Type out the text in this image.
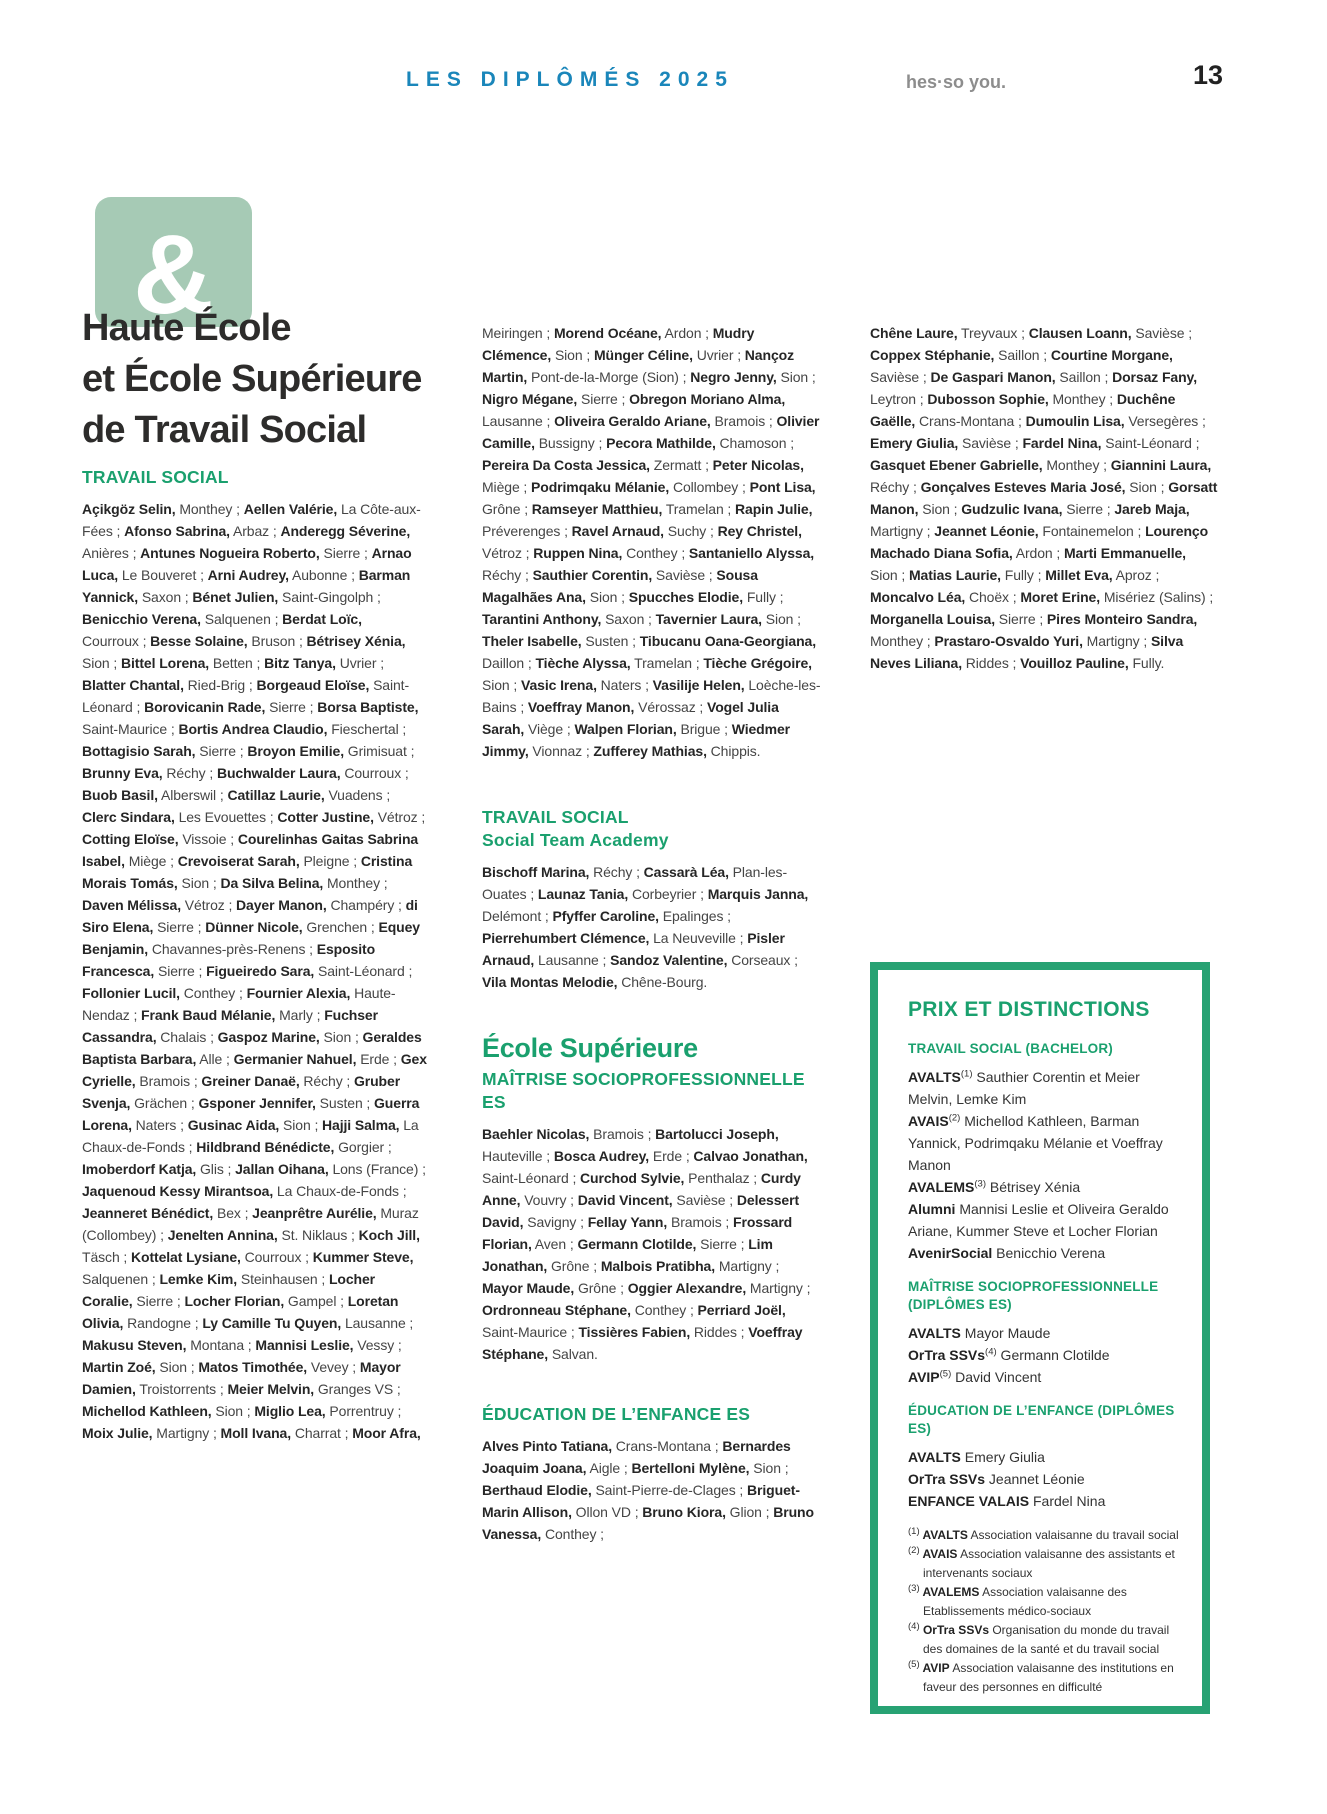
LES DIPLÔMÉS 2025	hes·so you.	13
&
Haute École
et École Supérieure
de Travail Social
TRAVAIL SOCIAL

Açikgöz Selin, Monthey ; Aellen Valérie, La Côte-aux-Fées ; Afonso Sabrina, Arbaz ; Anderegg Séverine, Anières ; Antunes Nogueira Roberto, Sierre ; Arnao Luca, Le Bouveret ; Arni Audrey, Aubonne ; Barman Yannick, Saxon ; Bénet Julien, Saint-Gingolph ; Benicchio Verena, Salquenen ; Berdat Loïc, Courroux ; Besse Solaine, Bruson ; Bétrisey Xénia, Sion ; Bittel Lorena, Betten ; Bitz Tanya, Uvrier ; Blatter Chantal, Ried-Brig ; Borgeaud Eloïse, Saint-Léonard ; Borovicanin Rade, Sierre ; Borsa Baptiste, Saint-Maurice ; Bortis Andrea Claudio, Fieschertal ; Bottagisio Sarah, Sierre ; Broyon Emilie, Grimisuat ; Brunny Eva, Réchy ; Buchwalder Laura, Courroux ; Buob Basil, Alberswil ; Catillaz Laurie, Vuadens ; Clerc Sindara, Les Evouettes ; Cotter Justine, Vétroz ; Cotting Eloïse, Vissoie ; Courelinhas Gaitas Sabrina Isabel, Miège ; Crevoiserat Sarah, Pleigne ; Cristina Morais Tomás, Sion ; Da Silva Belina, Monthey ; Daven Mélissa, Vétroz ; Dayer Manon, Champéry ; di Siro Elena, Sierre ; Dünner Nicole, Grenchen ; Equey Benjamin, Chavannes-près-Renens ; Esposito Francesca, Sierre ; Figueiredo Sara, Saint-Léonard ; Follonier Lucil, Conthey ; Fournier Alexia, Haute-Nendaz ; Frank Baud Mélanie, Marly ; Fuchser Cassandra, Chalais ; Gaspoz Marine, Sion ; Geraldes Baptista Barbara, Alle ; Germanier Nahuel, Erde ; Gex Cyrielle, Bramois ; Greiner Danaë, Réchy ; Gruber Svenja, Grächen ; Gsponer Jennifer, Susten ; Guerra Lorena, Naters ; Gusinac Aida, Sion ; Hajji Salma, La Chaux-de-Fonds ; Hildbrand Bénédicte, Gorgier ; Imoberdorf Katja, Glis ; Jallan Oihana, Lons (France) ; Jaquenoud Kessy Mirantsoa, La Chaux-de-Fonds ; Jeanneret Bénédict, Bex ; Jeanprêtre Aurélie, Muraz (Collombey) ; Jenelten Annina, St. Niklaus ; Koch Jill, Täsch ; Kottelat Lysiane, Courroux ; Kummer Steve, Salquenen ; Lemke Kim, Steinhausen ; Locher Coralie, Sierre ; Locher Florian, Gampel ; Loretan Olivia, Randogne ; Ly Camille Tu Quyen, Lausanne ; Makusu Steven, Montana ; Mannisi Leslie, Vessy ; Martin Zoé, Sion ; Matos Timothée, Vevey ; Mayor Damien, Troistorrents ; Meier Melvin, Granges VS ; Michellod Kathleen, Sion ; Miglio Lea, Porrentruy ; Moix Julie, Martigny ; Moll Ivana, Charrat ; Moor Afra,

Meiringen ; Morend Océane, Ardon ; Mudry Clémence, Sion ; Münger Céline, Uvrier ; Nançoz Martin, Pont-de-la-Morge (Sion) ; Negro Jenny, Sion ; Nigro Mégane, Sierre ; Obregon Moriano Alma, Lausanne ; Oliveira Geraldo Ariane, Bramois ; Olivier Camille, Bussigny ; Pecora Mathilde, Chamoson ; Pereira Da Costa Jessica, Zermatt ; Peter Nicolas, Miège ; Podrimqaku Mélanie, Collombey ; Pont Lisa, Grône ; Ramseyer Matthieu, Tramelan ; Rapin Julie, Préverenges ; Ravel Arnaud, Suchy ; Rey Christel, Vétroz ; Ruppen Nina, Conthey ; Santaniello Alyssa, Réchy ; Sauthier Corentin, Savièse ; Sousa Magalhães Ana, Sion ; Spucches Elodie, Fully ; Tarantini Anthony, Saxon ; Tavernier Laura, Sion ; Theler Isabelle, Susten ; Tibucanu Oana-Georgiana, Daillon ; Tièche Alyssa, Tramelan ; Tièche Grégoire, Sion ; Vasic Irena, Naters ; Vasilije Helen, Loèche-les-Bains ; Voeffray Manon, Vérossaz ; Vogel Julia Sarah, Viège ; Walpen Florian, Brigue ; Wiedmer Jimmy, Vionnaz ; Zufferey Mathias, Chippis.

TRAVAIL SOCIAL
Social Team Academy

Bischoff Marina, Réchy ; Cassarà Léa, Plan-les-Ouates ; Launaz Tania, Corbeyrier ; Marquis Janna, Delémont ; Pfyffer Caroline, Epalinges ; Pierrehumbert Clémence, La Neuveville ; Pisler Arnaud, Lausanne ; Sandoz Valentine, Corseaux ; Vila Montas Melodie, Chêne-Bourg.

École Supérieure
MAÎTRISE SOCIOPROFESSIONNELLE ES

Baehler Nicolas, Bramois ; Bartolucci Joseph, Hauteville ; Bosca Audrey, Erde ; Calvao Jonathan, Saint-Léonard ; Curchod Sylvie, Penthalaz ; Curdy Anne, Vouvry ; David Vincent, Savièse ; Delessert David, Savigny ; Fellay Yann, Bramois ; Frossard Florian, Aven ; Germann Clotilde, Sierre ; Lim Jonathan, Grône ; Malbois Pratibha, Martigny ; Mayor Maude, Grône ; Oggier Alexandre, Martigny ; Ordronneau Stéphane, Conthey ; Perriard Joël, Saint-Maurice ; Tissières Fabien, Riddes ; Voeffray Stéphane, Salvan.

ÉDUCATION DE L’ENFANCE ES

Alves Pinto Tatiana, Crans-Montana ; Bernardes Joaquim Joana, Aigle ; Bertelloni Mylène, Sion ; Berthaud Elodie, Saint-Pierre-de-Clages ; Briguet-Marin Allison, Ollon VD ; Bruno Kiora, Glion ; Bruno Vanessa, Conthey ;

Chêne Laure, Treyvaux ; Clausen Loann, Savièse ; Coppex Stéphanie, Saillon ; Courtine Morgane, Savièse ; De Gaspari Manon, Saillon ; Dorsaz Fany, Leytron ; Dubosson Sophie, Monthey ; Duchêne Gaëlle, Crans-Montana ; Dumoulin Lisa, Versegères ; Emery Giulia, Savièse ; Fardel Nina, Saint-Léonard ; Gasquet Ebener Gabrielle, Monthey ; Giannini Laura, Réchy ; Gonçalves Esteves Maria José, Sion ; Gorsatt Manon, Sion ; Gudzulic Ivana, Sierre ; Jareb Maja, Martigny ; Jeannet Léonie, Fontainemelon ; Lourenço Machado Diana Sofia, Ardon ; Marti Emmanuelle, Sion ; Matias Laurie, Fully ; Millet Eva, Aproz ; Moncalvo Léa, Choëx ; Moret Erine, Misériez (Salins) ; Morganella Louisa, Sierre ; Pires Monteiro Sandra, Monthey ; Prastaro-Osvaldo Yuri, Martigny ; Silva Neves Liliana, Riddes ; Vouilloz Pauline, Fully.

PRIX ET DISTINCTIONS
TRAVAIL SOCIAL (BACHELOR)
AVALTS$^{(1)}$ Sauthier Corentin et Meier Melvin, Lemke Kim
AVAIS$^{(2)}$ Michellod Kathleen, Barman Yannick, Podrimqaku Mélanie et Voeffray Manon
AVALEMS$^{(3)}$ Bétrisey Xénia
Alumni Mannisi Leslie et Oliveira Geraldo Ariane, Kummer Steve et Locher Florian
AvenirSocial Benicchio Verena
MAÎTRISE SOCIOPROFESSIONNELLE (DIPLÔMES ES)
AVALTS Mayor Maude
OrTra SSVs$^{(4)}$ Germann Clotilde
AVIP$^{(5)}$ David Vincent
ÉDUCATION DE L’ENFANCE (DIPLÔMES ES)
AVALTS Emery Giulia
OrTra SSVs Jeannet Léonie
ENFANCE VALAIS Fardel Nina
$^{(1)}$ AVALTS Association valaisanne du travail social
$^{(2)}$ AVAIS Association valaisanne des assistants et intervenants sociaux
$^{(3)}$ AVALEMS Association valaisanne des Etablissements médico-sociaux
$^{(4)}$ OrTra SSVs Organisation du monde du travail des domaines de la santé et du travail social
$^{(5)}$ AVIP Association valaisanne des institutions en faveur des personnes en difficulté
